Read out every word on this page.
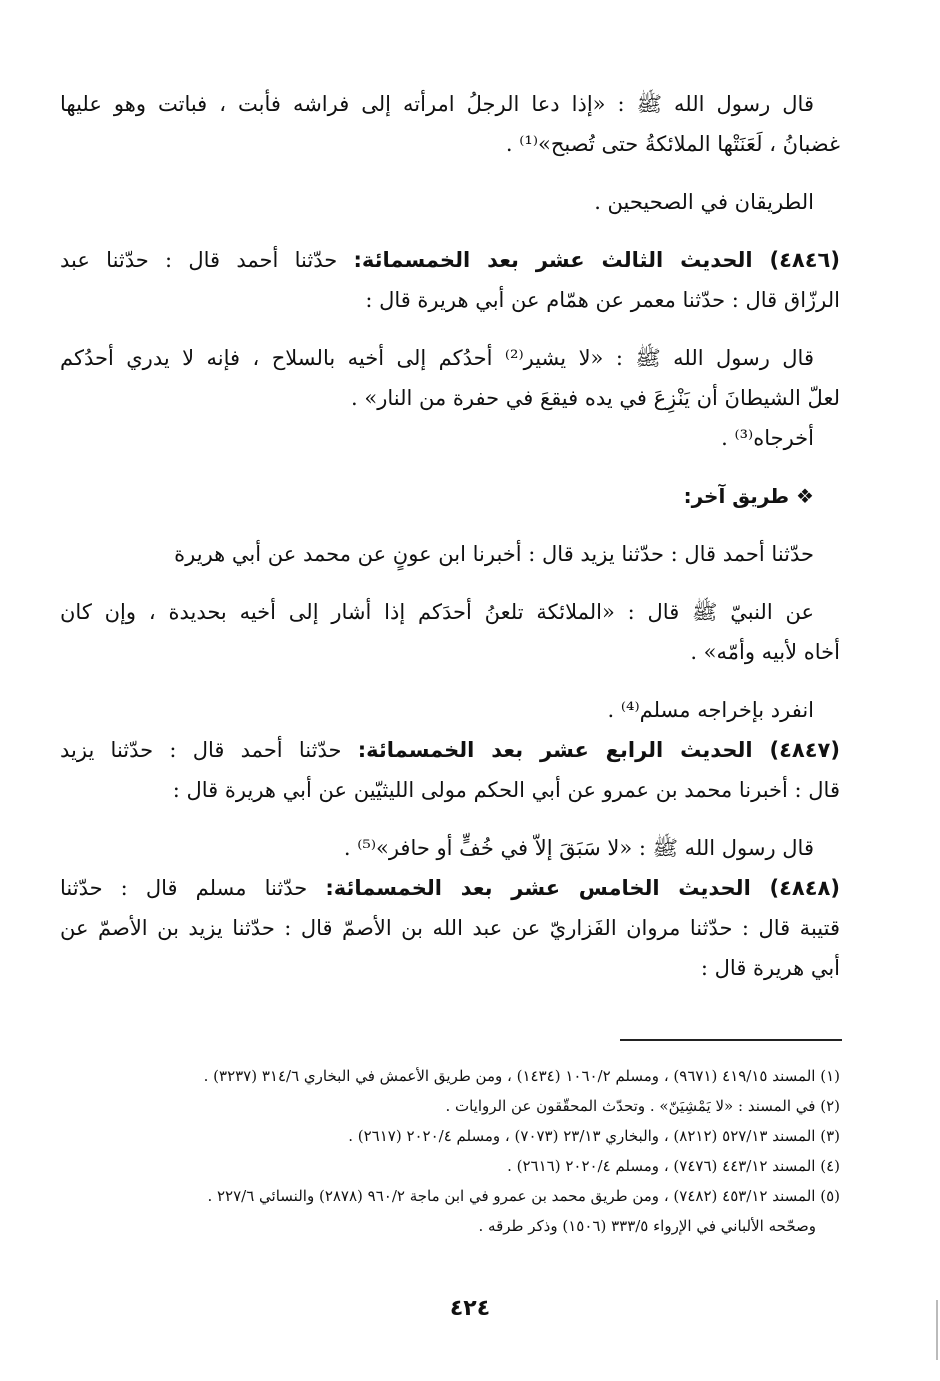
قال رسول الله ﷺ : «إذا دعا الرجلُ امرأته إلى فراشه فأبت ، فباتت وهو عليها
غضبانُ ، لَعَنَتْها الملائكةُ حتى تُصبح»⁽¹⁾ .
الطريقان في الصحيحين .
(٤٨٤٦) الحديث الثالث عشر بعد الخمسمائة: حدّثنا أحمد قال : حدّثنا عبد
الرزّاق قال : حدّثنا معمر عن همّام عن أبي هريرة قال :
قال رسول الله ﷺ : «لا يشير⁽²⁾ أحدُكم إلى أخيه بالسلاح ، فإنه لا يدري أحدُكم
لعلّ الشيطانَ أن يَنْزِعَ في يده فيقعَ في حفرة من النار» .
أخرجاه⁽³⁾ .
❖ طريق آخر:
حدّثنا أحمد قال : حدّثنا يزيد قال : أخبرنا ابن عونٍ عن محمد عن أبي هريرة
عن النبيّ ﷺ قال : «الملائكة تلعنُ أحدَكم إذا أشار إلى أخيه بحديدة ، وإن كان
أخاه لأبيه وأمّه» .
انفرد بإخراجه مسلم⁽⁴⁾ .
(٤٨٤٧) الحديث الرابع عشر بعد الخمسمائة: حدّثنا أحمد قال : حدّثنا يزيد
قال : أخبرنا محمد بن عمرو عن أبي الحكم مولى الليثيّين عن أبي هريرة قال :
قال رسول الله ﷺ : «لا سَبَقَ إلاّ في خُفٍّ أو حافر»⁽⁵⁾ .
(٤٨٤٨) الحديث الخامس عشر بعد الخمسمائة: حدّثنا مسلم قال : حدّثنا
قتيبة قال : حدّثنا مروان الفَزاريّ عن عبد الله بن الأصمّ قال : حدّثنا يزيد بن الأصمّ عن
أبي هريرة قال :
(١) المسند ٤١٩/١٥ (٩٦٧١) ، ومسلم ١٠٦٠/٢ (١٤٣٤) ، ومن طريق الأعمش في البخاري ٣١٤/٦ (٣٢٣٧) .
(٢) في المسند : «لا يَمْشِيَنّ» . وتحدّث المحقّقون عن الروايات .
(٣) المسند ٥٢٧/١٣ (٨٢١٢) ، والبخاري ٢٣/١٣ (٧٠٧٣) ، ومسلم ٢٠٢٠/٤ (٢٦١٧) .
(٤) المسند ٤٤٣/١٢ (٧٤٧٦) ، ومسلم ٢٠٢٠/٤ (٢٦١٦) .
(٥) المسند ٤٥٣/١٢ (٧٤٨٢) ، ومن طريق محمد بن عمرو في ابن ماجة ٩٦٠/٢ (٢٨٧٨) والنسائي ٢٢٧/٦ .
وصحّحه الألباني في الإرواء ٣٣٣/٥ (١٥٠٦) وذكر طرقه .
٤٢٤
